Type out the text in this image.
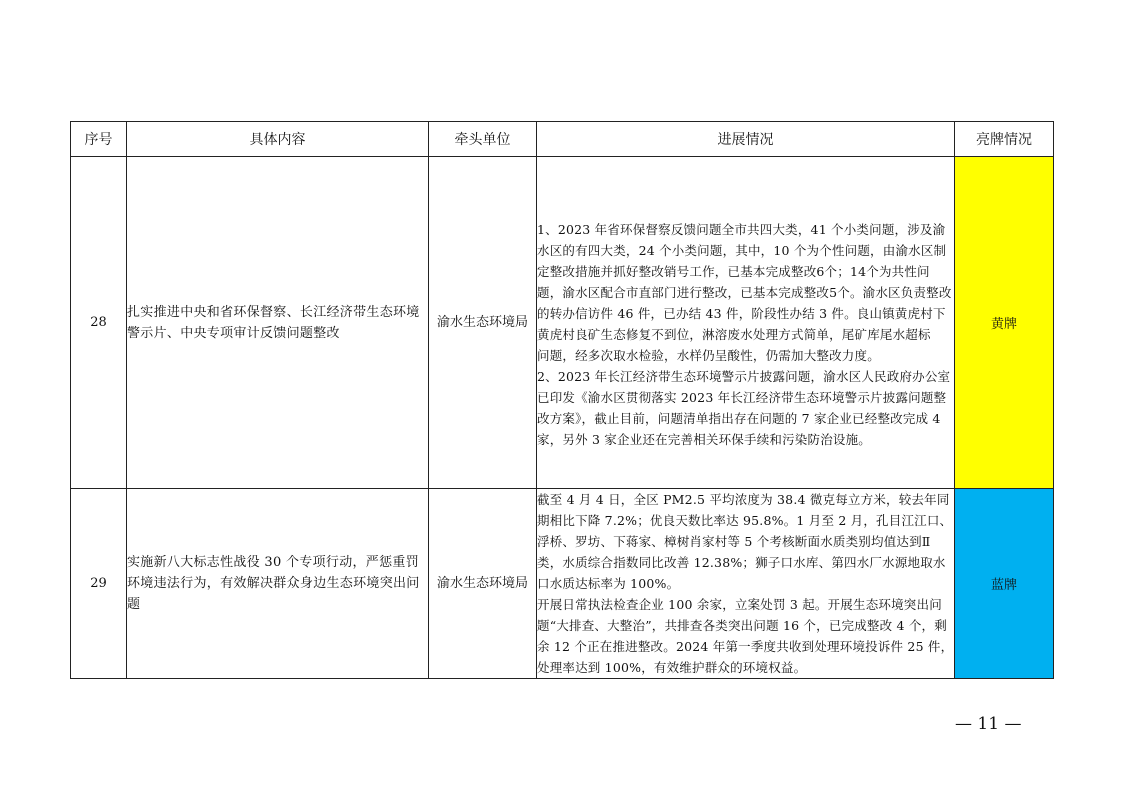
序号	具体内容	牵头单位	进展情况	亮牌情况
28	扎实推进中央和省环保督察、长江经济带生态环境警示片、中央专项审计反馈问题整改	渝水生态环境局	1、2023 年省环保督察反馈问题全市共四大类，41 个小类问题，涉及渝水区的有四大类，24 个小类问题，其中，10 个为个性问题，由渝水区制定整改措施并抓好整改销号工作，已基本完成整改6个；14个为共性问题，渝水区配合市直部门进行整改，已基本完成整改5个。渝水区负责整改的转办信访件 46 件，已办结 43 件，阶段性办结 3 件。良山镇黄虎村下黄虎村良矿生态修复不到位，淋溶废水处理方式简单，尾矿库尾水超标

问题，经多次取水检验，水样仍呈酸性，仍需加大整改力度。

2、2023 年长江经济带生态环境警示片披露问题，渝水区人民政府办公室已印发《渝水区贯彻落实 2023 年长江经济带生态环境警示片披露问题整改方案》，截止目前，问题清单指出存在问题的 7 家企业已经整改完成 4 家，另外 3 家企业还在完善相关环保手续和污染防治设施。	黄牌
29	实施新八大标志性战役 30 个专项行动，严惩重罚环境违法行为，有效解决群众身边生态环境突出问题	渝水生态环境局	截至 4 月 4 日，全区 PM2.5 平均浓度为 38.4 微克每立方米，较去年同期相比下降 7.2%；优良天数比率达 95.8%。1 月至 2 月，孔目江江口、浮桥、罗坊、下蒋家、樟树肖家村等 5 个考核断面水质类别均值达到Ⅱ类，水质综合指数同比改善 12.38%；狮子口水库、第四水厂水源地取水口水质达标率为 100%。

开展日常执法检查企业 100 余家，立案处罚 3 起。开展生态环境突出问题“大排查、大整治”，共排查各类突出问题 16 个，已完成整改 4 个，剩余 12 个正在推进整改。2024 年第一季度共收到处理环境投诉件 25 件，处理率达到 100%，有效维护群众的环境权益。	蓝牌
— 11 —
